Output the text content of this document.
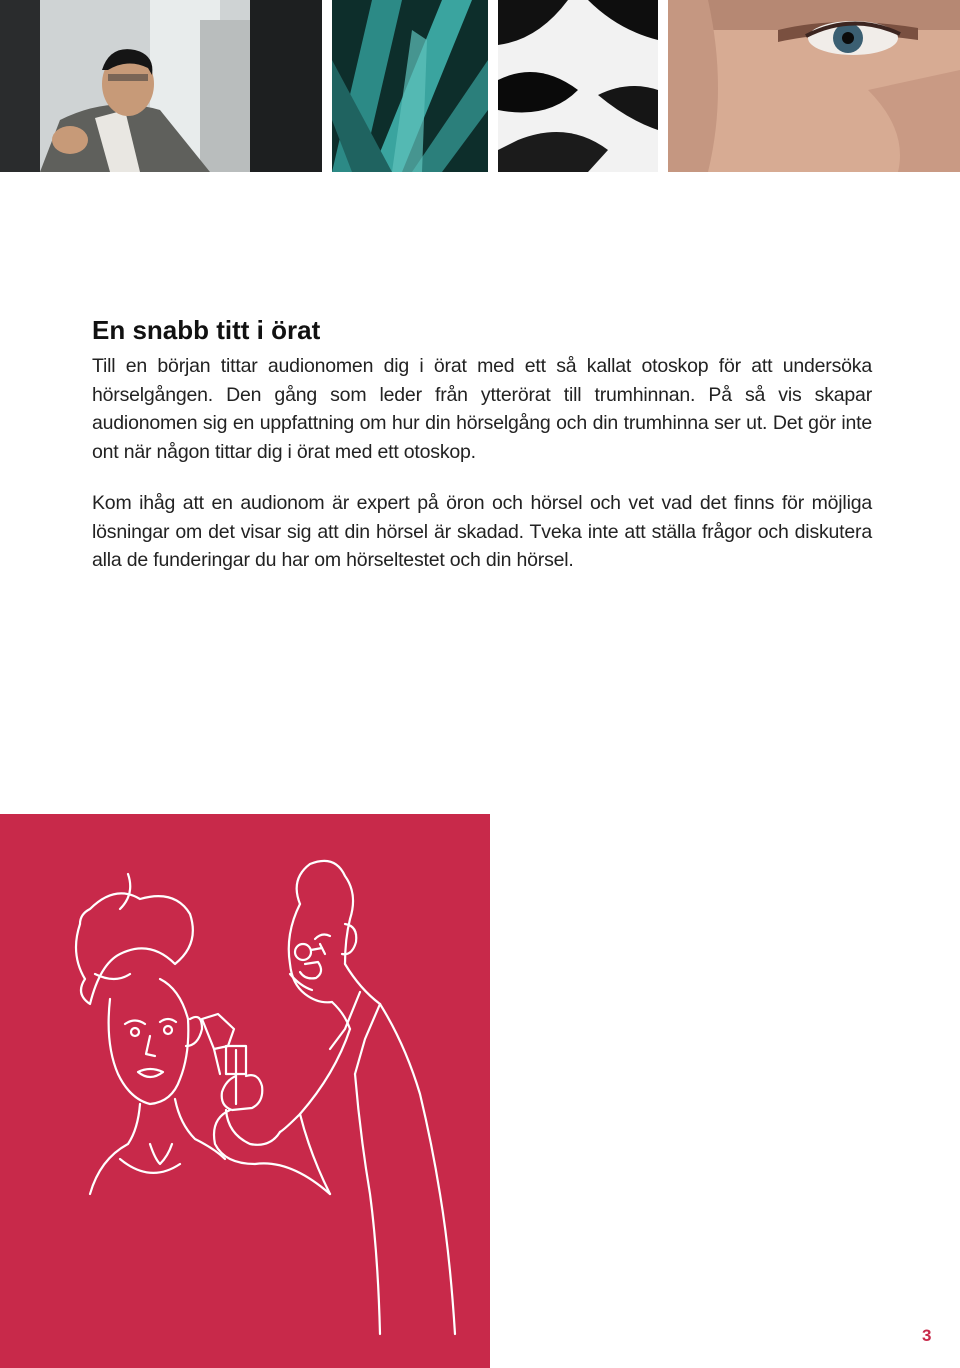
En snabb titt i örat

Till en början tittar audionomen dig i örat med ett så kallat otoskop för att undersöka hörselgången. Den gång som leder från ytterörat till trumhinnan. På så vis skapar audionomen sig en uppfattning om hur din hörselgång och din trumhinna ser ut. Det gör inte ont när någon tittar dig i örat med ett otoskop.

Kom ihåg att en audionom är expert på öron och hörsel och vet vad det finns för möjliga lösningar om det visar sig att din hörsel är skadad. Tveka inte att ställa frågor och diskutera alla de funderingar du har om hörseltestet och din hörsel.

3
